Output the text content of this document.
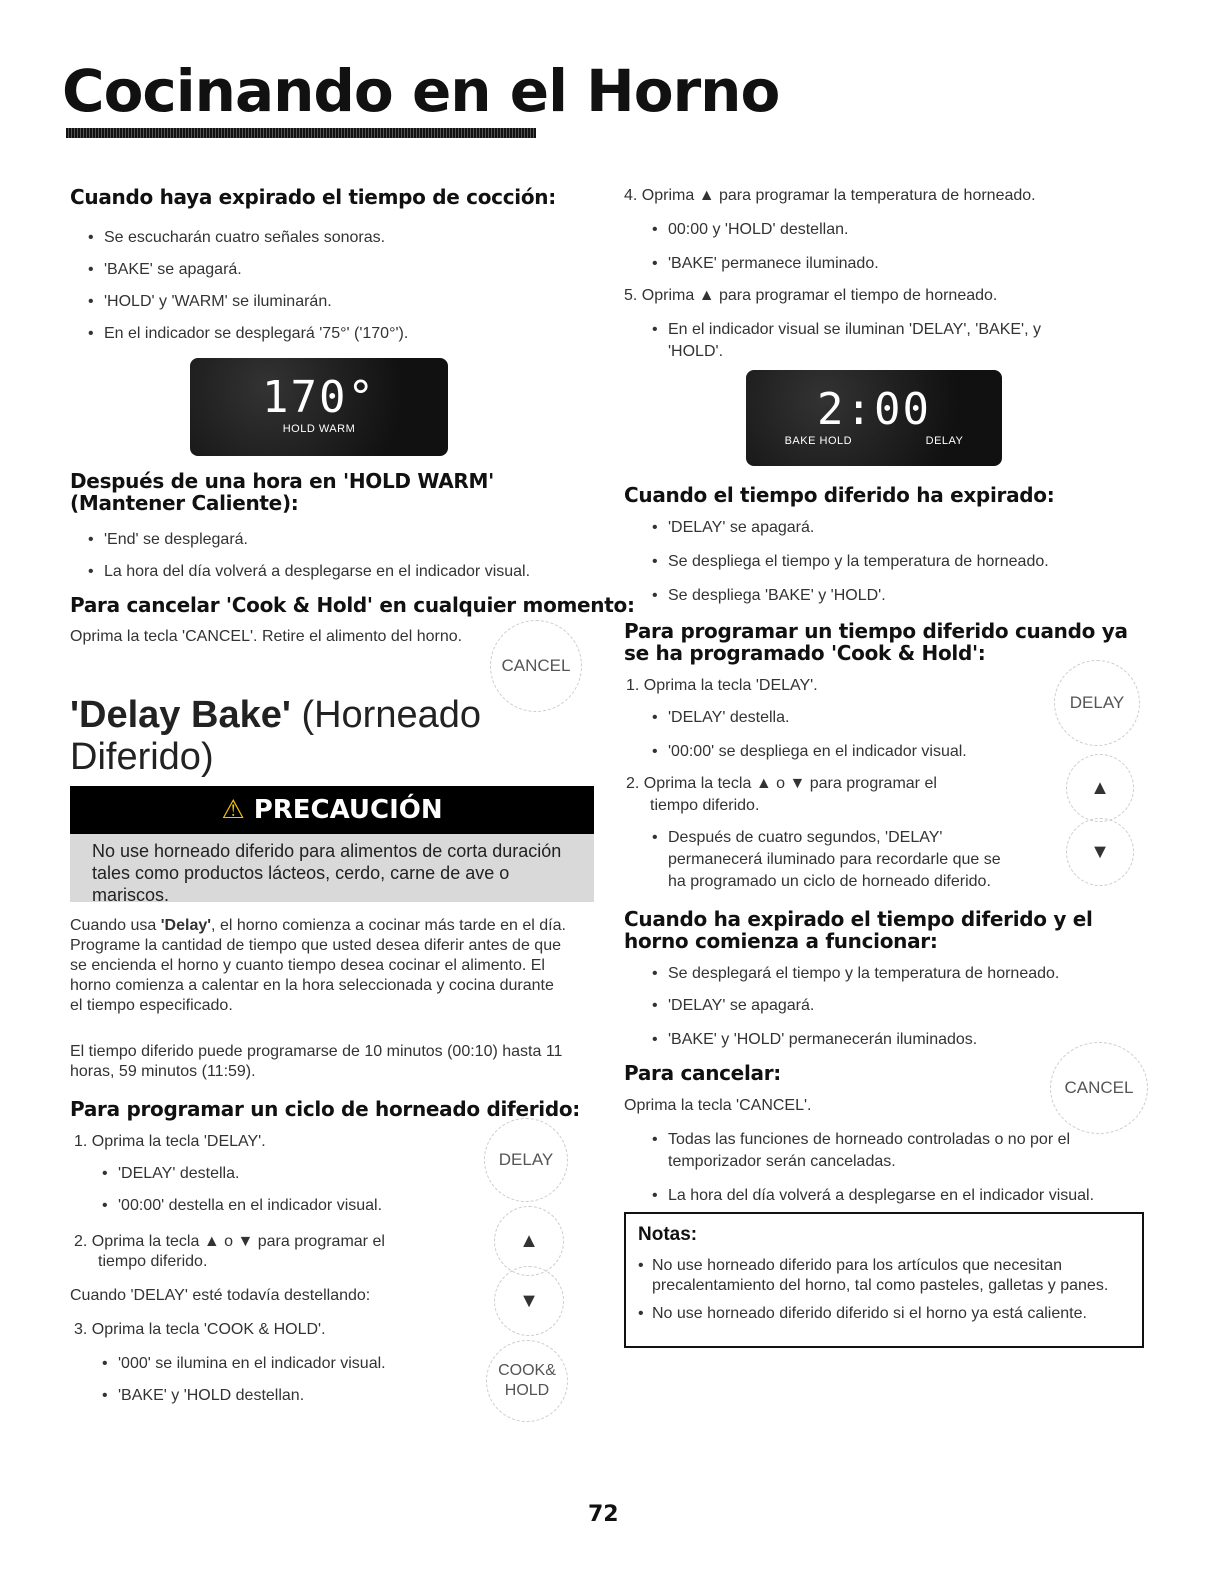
Cocinando en el Horno
Cuando haya expirado el tiempo de cocción:
• Se escucharán cuatro señales sonoras.
• 'BAKE' se apagará.
• 'HOLD' y 'WARM' se iluminarán.
• En el indicador se desplegará '75°' ('170°').
170°
HOLD WARM
Después de una hora en 'HOLD WARM' (Mantener Caliente):
• 'End' se desplegará.
• La hora del día volverá a desplegarse en el indicador visual.
Para cancelar 'Cook & Hold' en cualquier momento:
Oprima la tecla 'CANCEL'. Retire el alimento del horno.
CANCEL
'Delay Bake' (Horneado
Diferido)
⚠ PRECAUCIÓN
No use horneado diferido para alimentos de corta duración tales como productos lácteos, cerdo, carne de ave o mariscos.
Cuando usa 'Delay', el horno comienza a cocinar más tarde en el día. Programe la cantidad de tiempo que usted desea diferir antes de que se encienda el horno y cuanto tiempo desea cocinar el alimento. El horno comienza a calentar en la hora seleccionada y cocina durante el tiempo especificado.
El tiempo diferido puede programarse de 10 minutos (00:10) hasta 11 horas, 59 minutos (11:59).
Para programar un ciclo de horneado diferido:
1. Oprima la tecla 'DELAY'.
• 'DELAY' destella.
• '00:00' destella en el indicador visual.
2. Oprima la tecla ▲ o ▼ para programar el
tiempo diferido.
Cuando 'DELAY' esté todavía destellando:
3. Oprima la tecla 'COOK & HOLD'.
• '000' se ilumina en el indicador visual.
• 'BAKE' y 'HOLD destellan.
DELAY
▲
▼
COOK&
HOLD
4. Oprima ▲ para programar la temperatura de horneado.
• 00:00 y 'HOLD' destellan.
• 'BAKE' permanece iluminado.
5. Oprima ▲ para programar el tiempo de horneado.
• En el indicador visual se iluminan 'DELAY', 'BAKE', y
'HOLD'.
2:00
BAKE HOLD	DELAY
Cuando el tiempo diferido ha expirado:
• 'DELAY' se apagará.
• Se despliega el tiempo y la temperatura de horneado.
• Se despliega 'BAKE' y 'HOLD'.
Para programar un tiempo diferido cuando ya se ha programado 'Cook & Hold':
1. Oprima la tecla 'DELAY'.
• 'DELAY' destella.
• '00:00' se despliega en el indicador visual.
2. Oprima la tecla ▲ o ▼ para programar el
tiempo diferido.
• Después de cuatro segundos, 'DELAY'
permanecerá iluminado para recordarle que se
ha programado un ciclo de horneado diferido.
DELAY
▲
▼
Cuando ha expirado el tiempo diferido y el horno comienza a funcionar:
• Se desplegará el tiempo y la temperatura de horneado.
• 'DELAY' se apagará.
• 'BAKE' y 'HOLD' permanecerán iluminados.
Para cancelar:
Oprima la tecla 'CANCEL'.
CANCEL
• Todas las funciones de horneado controladas o no por el
temporizador serán canceladas.
• La hora del día volverá a desplegarse en el indicador visual.
Notas:
• No use horneado diferido para los artículos que necesitan
precalentamiento del horno, tal como pasteles, galletas y panes.
• No use horneado diferido diferido si el horno ya está caliente.
72
